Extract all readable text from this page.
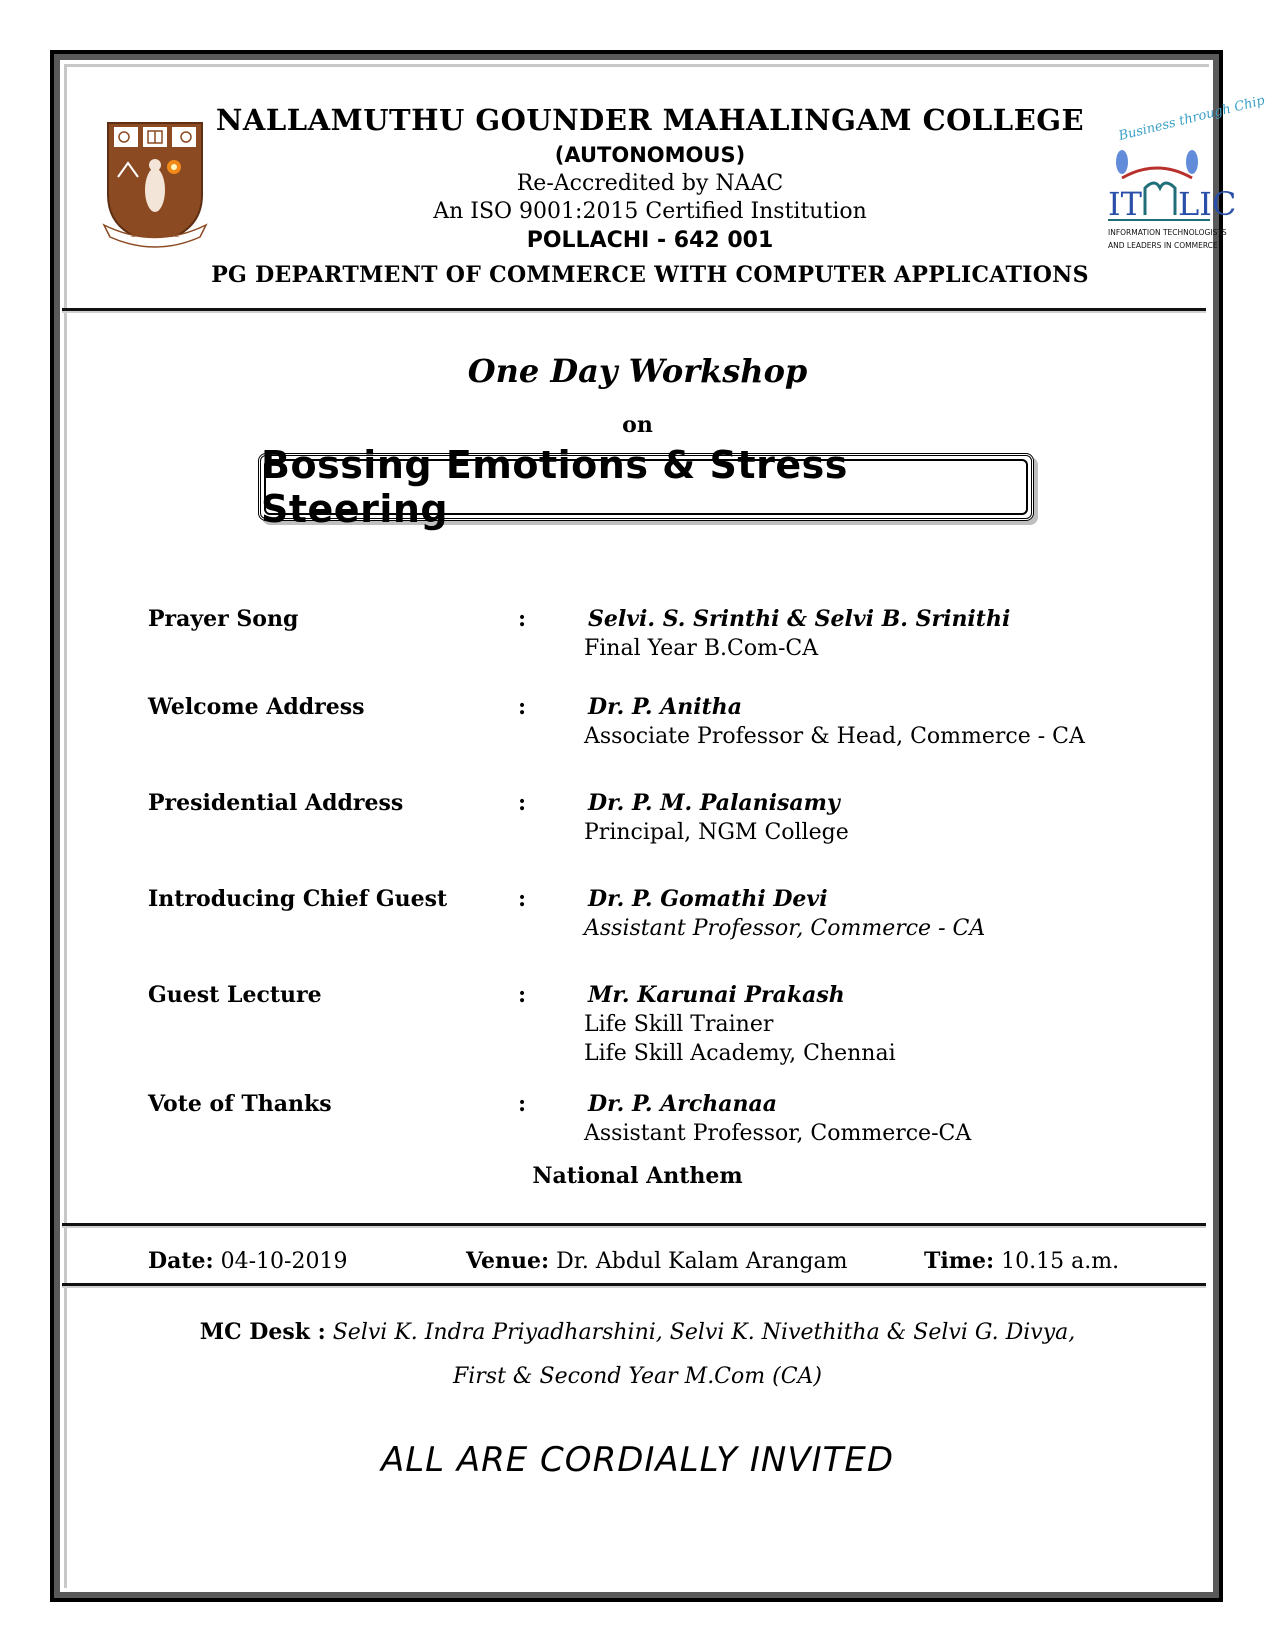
~~~~ ~~~~
Business through Chip
IT LIC
INFORMATION TECHNOLOGISTS
AND LEADERS IN COMMERCE
NALLAMUTHU GOUNDER MAHALINGAM COLLEGE
(AUTONOMOUS)
Re-Accredited by NAAC
An ISO 9001:2015 Certified Institution
POLLACHI - 642 001
PG DEPARTMENT OF COMMERCE WITH COMPUTER APPLICATIONS
One Day Workshop
on
Bossing Emotions & Stress Steering
Prayer Song	:	Selvi. S. Srinthi & Selvi B. Srinithi
Final Year B.Com-CA
Welcome Address	:	Dr. P. Anitha
Associate Professor & Head, Commerce - CA
Presidential Address	:	Dr. P. M. Palanisamy
Principal, NGM College
Introducing Chief Guest	:	Dr. P. Gomathi Devi
Assistant Professor, Commerce - CA
Guest Lecture	:	Mr. Karunai Prakash
Life Skill Trainer
Life Skill Academy, Chennai
Vote of Thanks	:	Dr. P. Archanaa
Assistant Professor, Commerce-CA
National Anthem
Date: 04-10-2019	Venue: Dr. Abdul Kalam Arangam	Time: 10.15 a.m.
MC Desk : Selvi K. Indra Priyadharshini, Selvi K. Nivethitha & Selvi G. Divya,
First & Second Year M.Com (CA)
ALL ARE CORDIALLY INVITED
